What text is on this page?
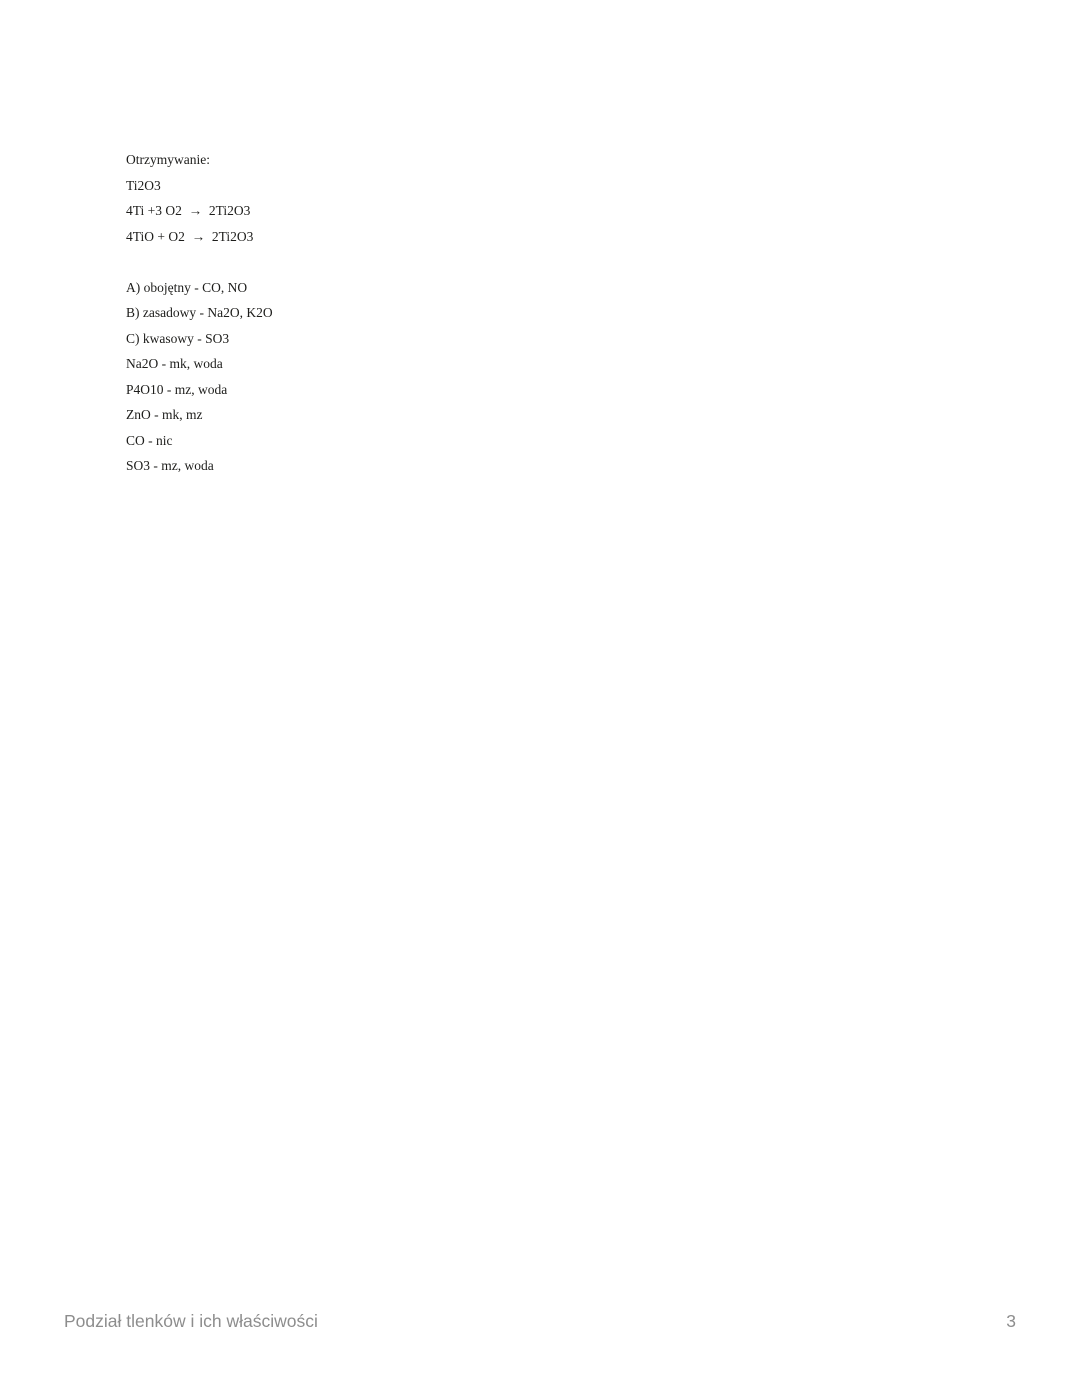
Otrzymywanie:

Ti2O3

4Ti +3 O2  →  2Ti2O3

4TiO + O2  →  2Ti2O3

A) obojętny - CO, NO

B) zasadowy - Na2O, K2O

C) kwasowy - SO3

Na2O - mk, woda

P4O10 - mz, woda

ZnO - mk, mz

CO - nic

SO3 - mz, woda

Podział tlenków i ich właściwości	3
